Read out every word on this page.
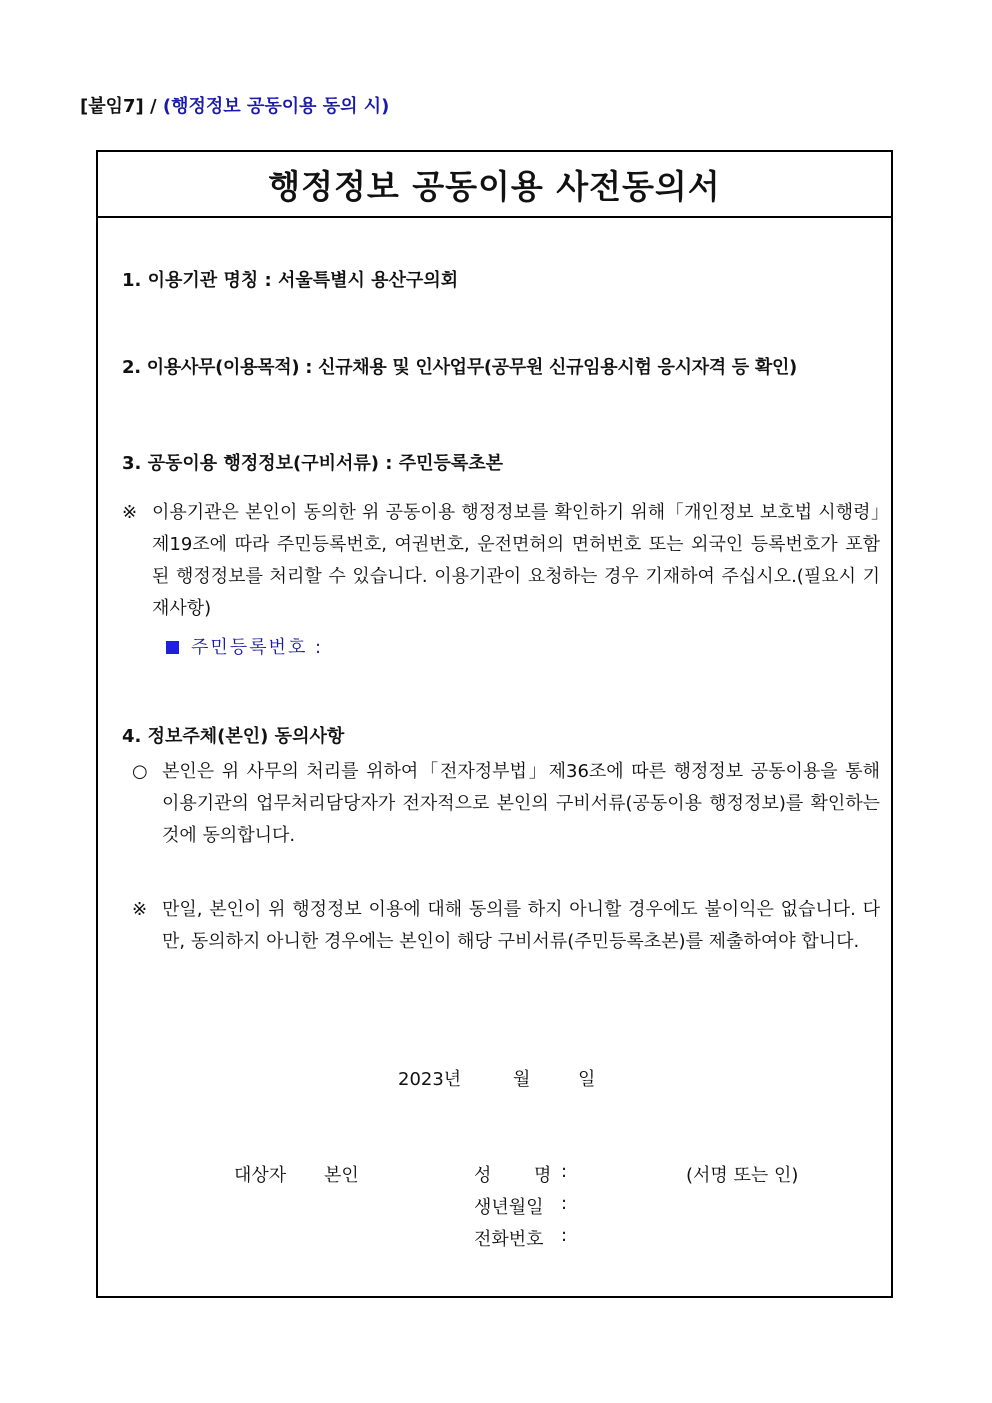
[붙임7] / (행정정보 공동이용 동의 시)
행정정보 공동이용 사전동의서
1. 이용기관 명칭 : 서울특별시 용산구의회
2. 이용사무(이용목적) : 신규채용 및 인사업무(공무원 신규임용시험 응시자격 등 확인)
3. 공동이용 행정정보(구비서류) : 주민등록초본
※ 이용기관은 본인이 동의한 위 공동이용 행정정보를 확인하기 위해「개인정보 보호법 시행령」제19조에 따라 주민등록번호, 여권번호, 운전면허의 면허번호 또는 외국인 등록번호가 포함된 행정정보를 처리할 수 있습니다. 이용기관이 요청하는 경우 기재하여 주십시오.(필요시 기재사항)
주민등록번호 :
4. 정보주체(본인) 동의사항
○ 본인은 위 사무의 처리를 위하여「전자정부법」제36조에 따른 행정정보 공동이용을 통해 이용기관의 업무처리담당자가 전자적으로 본인의 구비서류(공동이용 행정정보)를 확인하는 것에 동의합니다.
※ 만일, 본인이 위 행정정보 이용에 대해 동의를 하지 아니할 경우에도 불이익은 없습니다. 다만, 동의하지 아니한 경우에는 본인이 해당 구비서류(주민등록초본)를 제출하여야 합니다.
2023년	월	일
대상자 본인	성 명 :	(서명 또는 인)
생년월일 :
전화번호 :
